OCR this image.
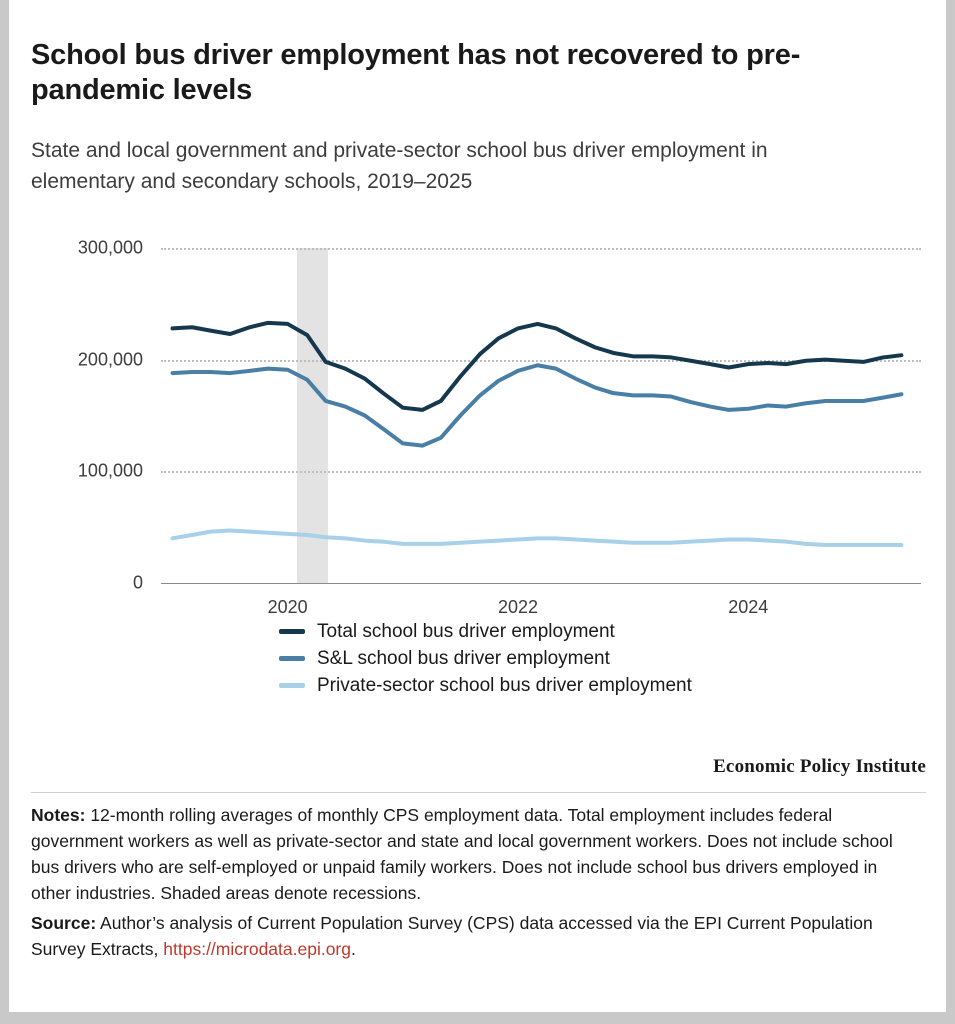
School bus driver employment has not recovered to pre-pandemic levels
State and local government and private-sector school bus driver employment in elementary and secondary schools, 2019–2025
0
100,000
200,000
300,000
2020	2022	2024
Total school bus driver employment
S&L school bus driver employment
Private-sector school bus driver employment
Economic Policy Institute
Notes: 12-month rolling averages of monthly CPS employment data. Total employment includes federal government workers as well as private-sector and state and local government workers. Does not include school bus drivers who are self-employed or unpaid family workers. Does not include school bus drivers employed in other industries. Shaded areas denote recessions.
Source: Author’s analysis of Current Population Survey (CPS) data accessed via the EPI Current Population Survey Extracts, https://microdata.epi.org.
